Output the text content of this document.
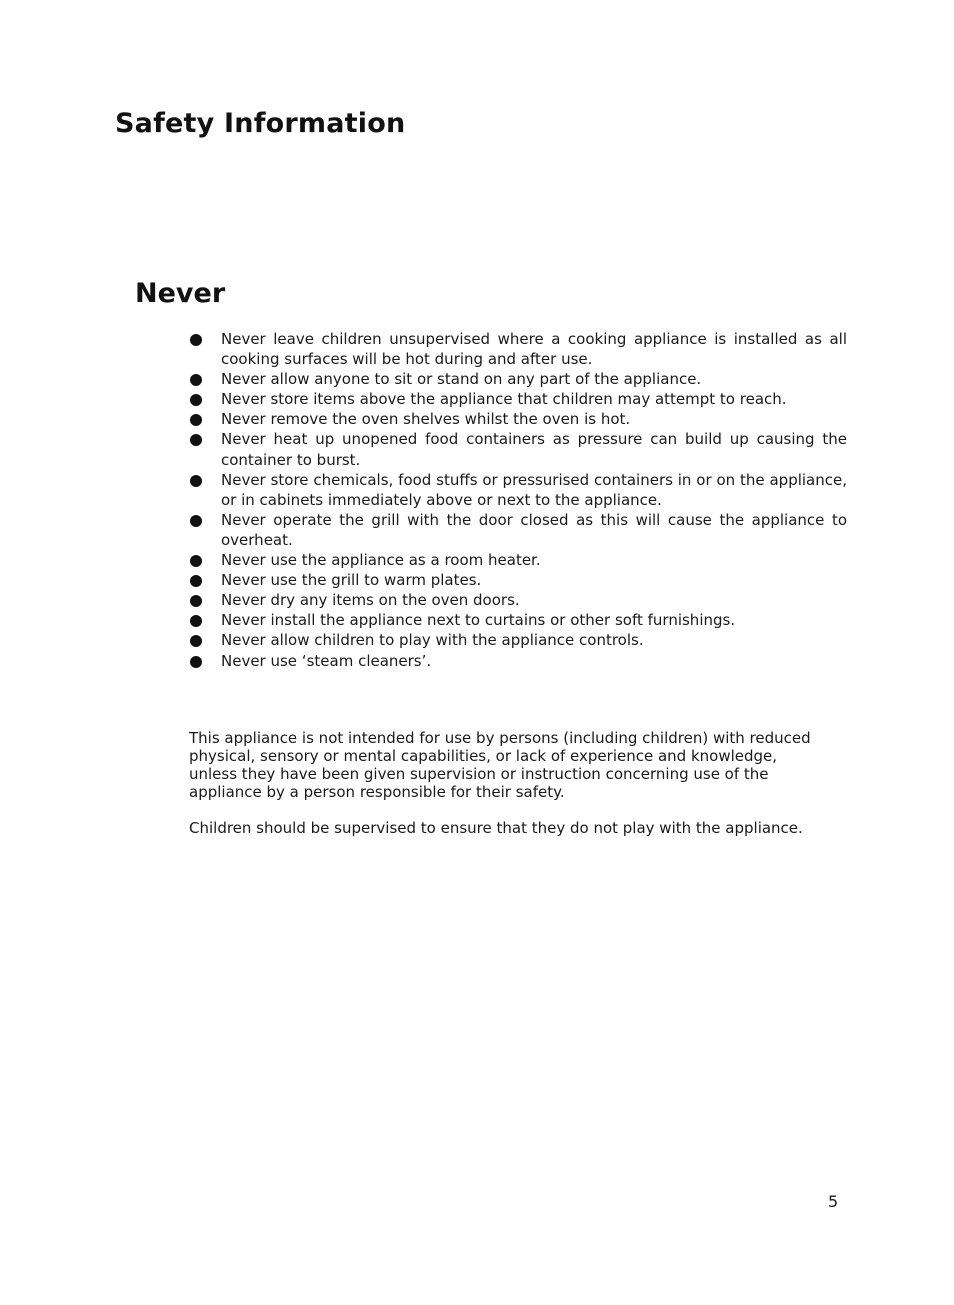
Safety Information
Never
Never leave children unsupervised where a cooking appliance is installed as all cooking surfaces will be hot during and after use.
Never allow anyone to sit or stand on any part of the appliance.
Never store items above the appliance that children may attempt to reach.
Never remove the oven shelves whilst the oven is hot.
Never heat up unopened food containers as pressure can build up causing the container to burst.
Never store chemicals, food stuffs or pressurised containers in or on the appliance, or in cabinets immediately above or next to the appliance.
Never operate the grill with the door closed as this will cause the appliance to overheat.
Never use the appliance as a room heater.
Never use the grill to warm plates.
Never dry any items on the oven doors.
Never install the appliance next to curtains or other soft furnishings.
Never allow children to play with the appliance controls.
Never use ‘steam cleaners’.

This appliance is not intended for use by persons (including children) with reduced physical, sensory or mental capabilities, or lack of experience and knowledge, unless they have been given supervision or instruction concerning use of the appliance by a person responsible for their safety.

Children should be supervised to ensure that they do not play with the appliance.

5
